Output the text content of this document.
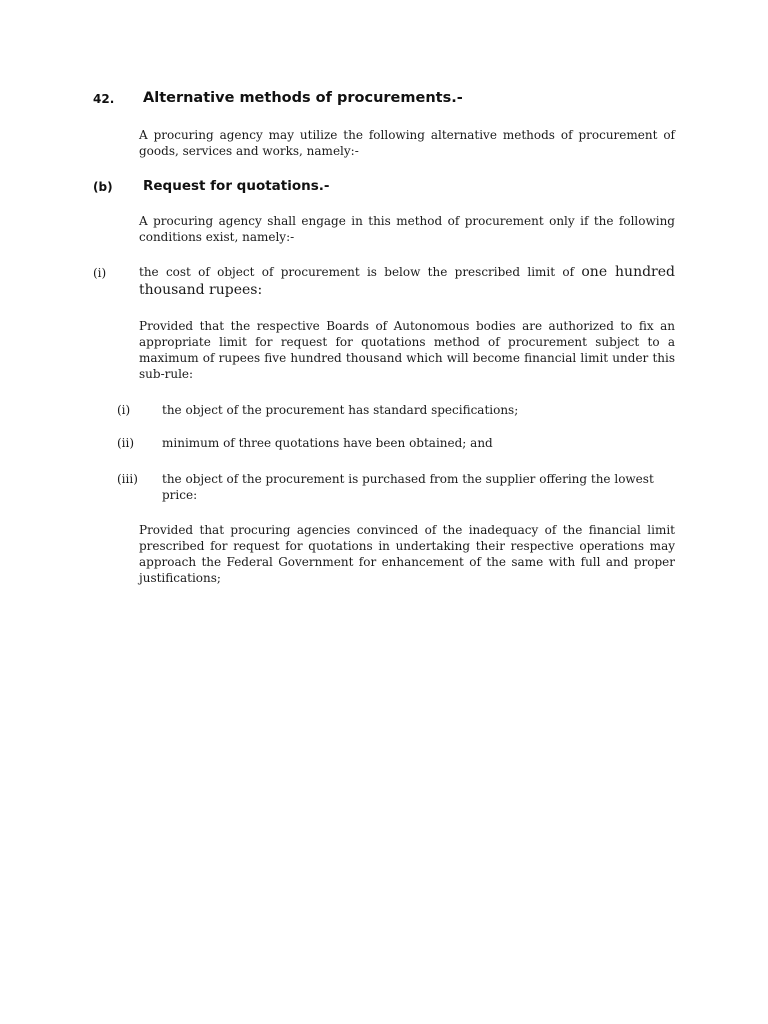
42. Alternative methods of procurements.-
A procuring agency may utilize the following alternative methods of procurement of goods, services and works, namely:-
(b) Request for quotations.-
A procuring agency shall engage in this method of procurement only if the following conditions exist, namely:-
(i)	the cost of object of procurement is below the prescribed limit of one hundred
thousand rupees:
Provided that the respective Boards of Autonomous bodies are authorized to fix an appropriate limit for request for quotations method of procurement subject to a maximum of rupees five hundred thousand which will become financial limit under this sub-rule:
(i)	the object of the procurement has standard specifications;
(ii) minimum of three quotations have been obtained; and
(iii) the object of the procurement is purchased from the supplier offering the lowest price:
Provided that procuring agencies convinced of the inadequacy of the financial limit prescribed for request for quotations in undertaking their respective operations may approach the Federal Government for enhancement of the same with full and proper justifications;
